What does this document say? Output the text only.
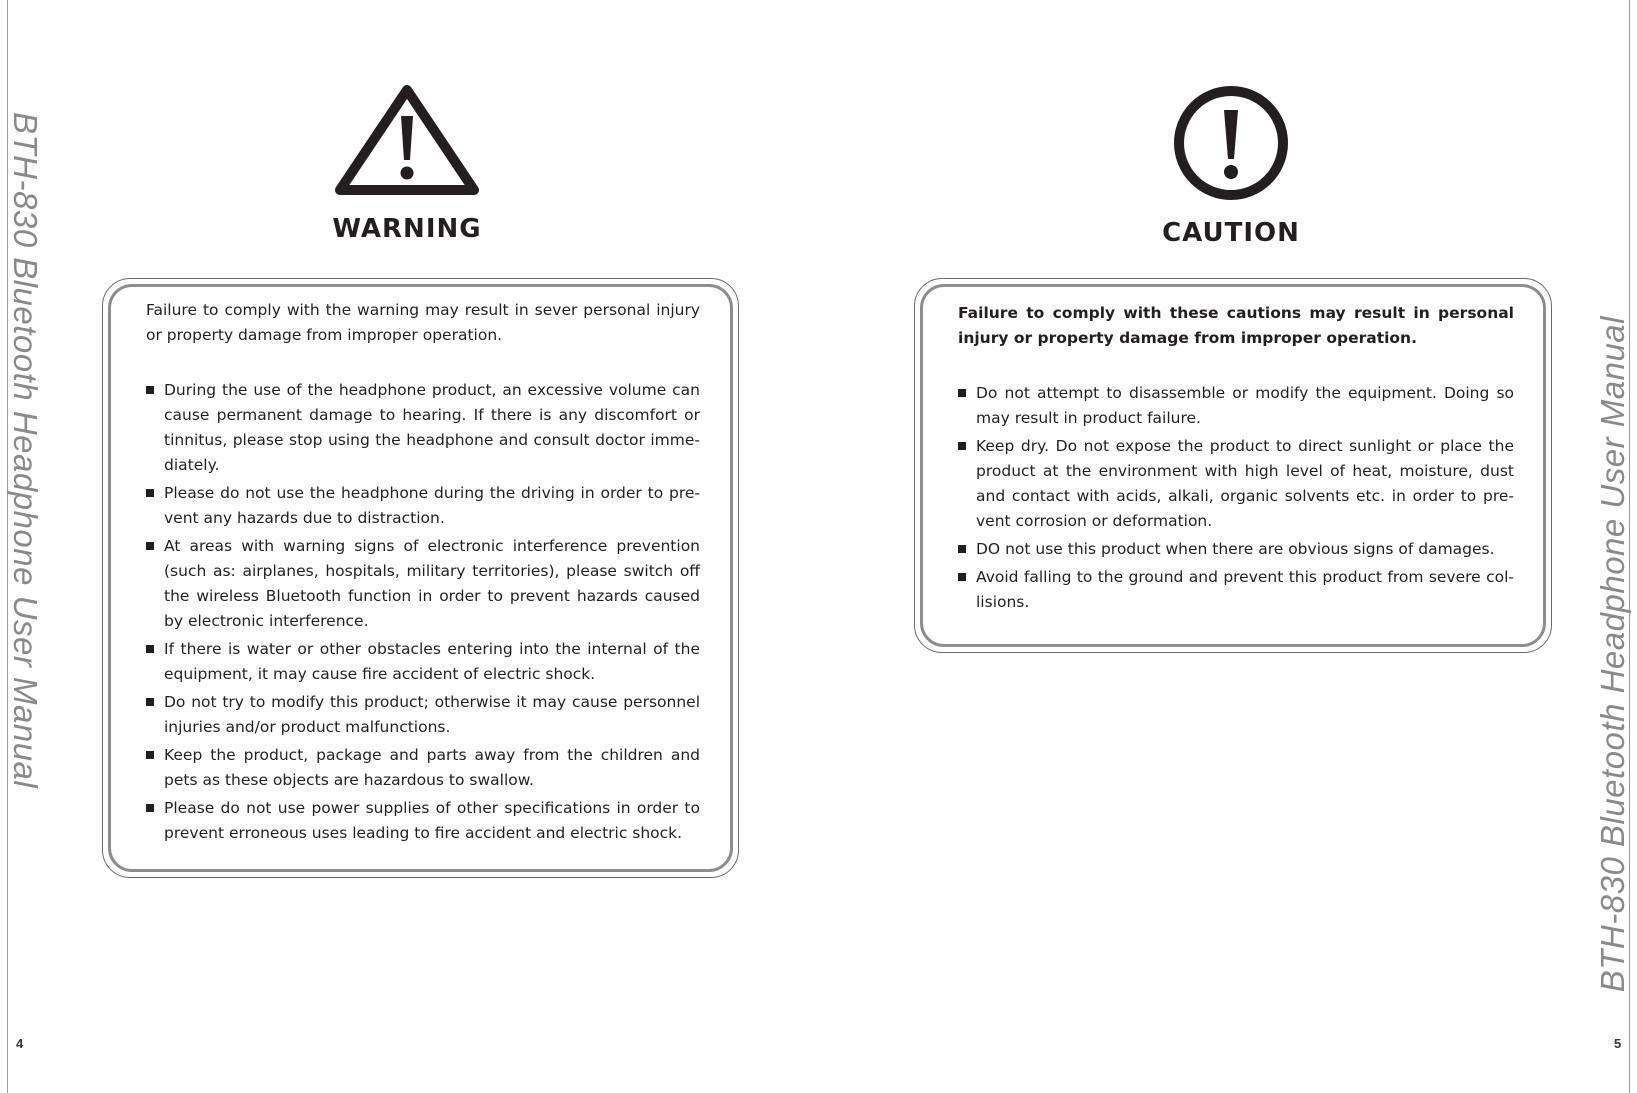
BTH-830 Bluetooth Headphone User Manual	BTH-830 Bluetooth Headphone User Manual
4	5
WARNING

Failure to comply with the warning may result in sever personal injury or property damage from improper operation.

During the use of the headphone product, an excessive volume can cause permanent damage to hearing. If there is any discomfort or tinnitus, please stop using the headphone and consult doctor imme-diately.
Please do not use the headphone during the driving in order to pre-vent any hazards due to distraction.
At areas with warning signs of electronic interference prevention (such as: airplanes, hospitals, military territories), please switch off the wireless Bluetooth function in order to prevent hazards caused by electronic interference.
If there is water or other obstacles entering into the internal of the equipment, it may cause fire accident of electric shock.
Do not try to modify this product; otherwise it may cause personnel injuries and/or product malfunctions.
Keep the product, package and parts away from the children and pets as these objects are hazardous to swallow.
Please do not use power supplies of other specifications in order to prevent erroneous uses leading to fire accident and electric shock.
CAUTION

Failure to comply with these cautions may result in personal injury or property damage from improper operation.

Do not attempt to disassemble or modify the equipment. Doing so may result in product failure.
Keep dry. Do not expose the product to direct sunlight or place the product at the environment with high level of heat, moisture, dust and contact with acids, alkali, organic solvents etc. in order to pre-vent corrosion or deformation.
DO not use this product when there are obvious signs of damages.
Avoid falling to the ground and prevent this product from severe col-lisions.
